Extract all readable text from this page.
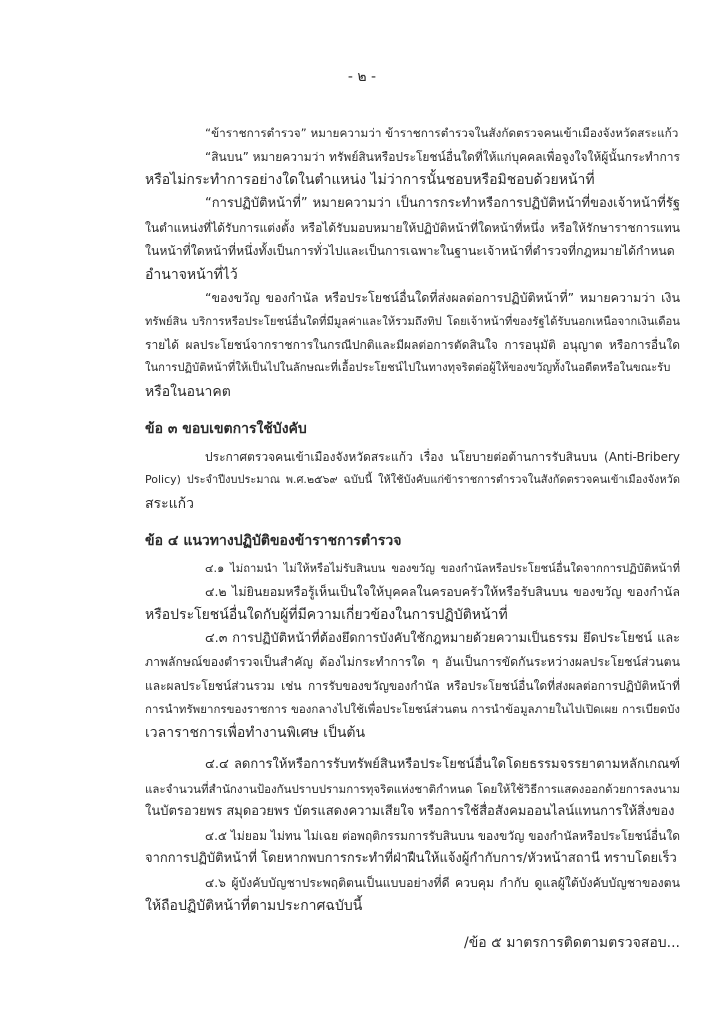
- ๒ -
“ข้าราชการตำรวจ” หมายความว่า ข้าราชการตำรวจในสังกัดตรวจคนเข้าเมืองจังหวัดสระแก้ว
“สินบน” หมายความว่า ทรัพย์สินหรือประโยชน์อื่นใดที่ให้แก่บุคคลเพื่อจูงใจให้ผู้นั้นกระทำการ
หรือไม่กระทำการอย่างใดในตำแหน่ง ไม่ว่าการนั้นชอบหรือมิชอบด้วยหน้าที่
“การปฏิบัติหน้าที่” หมายความว่า เป็นการกระทำหรือการปฏิบัติหน้าที่ของเจ้าหน้าที่รัฐ
ในตำแหน่งที่ได้รับการแต่งตั้ง หรือได้รับมอบหมายให้ปฏิบัติหน้าที่ใดหน้าที่หนึ่ง หรือให้รักษาราชการแทน
ในหน้าที่ใดหน้าที่หนึ่งทั้งเป็นการทั่วไปและเป็นการเฉพาะในฐานะเจ้าหน้าที่ตำรวจที่กฎหมายได้กำหนด
อำนาจหน้าที่ไว้
“ของขวัญ ของกำนัล หรือประโยชน์อื่นใดที่ส่งผลต่อการปฏิบัติหน้าที่” หมายความว่า เงิน
ทรัพย์สิน บริการหรือประโยชน์อื่นใดที่มีมูลค่าและให้รวมถึงทิป โดยเจ้าหน้าที่ของรัฐได้รับนอกเหนือจากเงินเดือน
รายได้ ผลประโยชน์จากราชการในกรณีปกติและมีผลต่อการตัดสินใจ การอนุมัติ อนุญาต หรือการอื่นใด
ในการปฏิบัติหน้าที่ให้เป็นไปในลักษณะที่เอื้อประโยชน์ไปในทางทุจริตต่อผู้ให้ของขวัญทั้งในอดีตหรือในขณะรับ
หรือในอนาคต
ข้อ ๓ ขอบเขตการใช้บังคับ
ประกาศตรวจคนเข้าเมืองจังหวัดสระแก้ว เรื่อง นโยบายต่อต้านการรับสินบน (Anti-Bribery
Policy) ประจำปีงบประมาณ พ.ศ.๒๕๖๙ ฉบับนี้ ให้ใช้บังคับแก่ข้าราชการตำรวจในสังกัดตรวจคนเข้าเมืองจังหวัด
สระแก้ว
ข้อ ๔ แนวทางปฏิบัติของข้าราชการตำรวจ
๔.๑ ไม่ถามนำ ไม่ให้หรือไม่รับสินบน ของขวัญ ของกำนัลหรือประโยชน์อื่นใดจากการปฏิบัติหน้าที่
๔.๒ ไม่ยินยอมหรือรู้เห็นเป็นใจให้บุคคลในครอบครัวให้หรือรับสินบน ของขวัญ ของกำนัล
หรือประโยชน์อื่นใดกับผู้ที่มีความเกี่ยวข้องในการปฏิบัติหน้าที่
๔.๓ การปฏิบัติหน้าที่ต้องยึดการบังคับใช้กฎหมายด้วยความเป็นธรรม ยึดประโยชน์ และ
ภาพลักษณ์ของตำรวจเป็นสำคัญ ต้องไม่กระทำการใด ๆ อันเป็นการขัดกันระหว่างผลประโยชน์ส่วนตน
และผลประโยชน์ส่วนรวม เช่น การรับของขวัญของกำนัล หรือประโยชน์อื่นใดที่ส่งผลต่อการปฏิบัติหน้าที่
การนำทรัพยากรของราชการ ของกลางไปใช้เพื่อประโยชน์ส่วนตน การนำข้อมูลภายในไปเปิดเผย การเบียดบัง
เวลาราชการเพื่อทำงานพิเศษ เป็นต้น
๔.๔ ลดการให้หรือการรับทรัพย์สินหรือประโยชน์อื่นใดโดยธรรมจรรยาตามหลักเกณฑ์
และจำนวนที่สำนักงานป้องกันปราบปรามการทุจริตแห่งชาติกำหนด โดยให้ใช้วิธีการแสดงออกด้วยการลงนาม
ในบัตรอวยพร สมุดอวยพร บัตรแสดงความเสียใจ หรือการใช้สื่อสังคมออนไลน์แทนการให้สิ่งของ
๔.๕ ไม่ยอม ไม่ทน ไม่เฉย ต่อพฤติกรรมการรับสินบน ของขวัญ ของกำนัลหรือประโยชน์อื่นใด
จากการปฏิบัติหน้าที่ โดยหากพบการกระทำที่ฝ่าฝืนให้แจ้งผู้กำกับการ/หัวหน้าสถานี ทราบโดยเร็ว
๔.๖ ผู้บังคับบัญชาประพฤติตนเป็นแบบอย่างที่ดี ควบคุม กำกับ ดูแลผู้ใต้บังคับบัญชาของตน
ให้ถือปฏิบัติหน้าที่ตามประกาศฉบับนี้
/ข้อ ๕ มาตรการติดตามตรวจสอบ...
